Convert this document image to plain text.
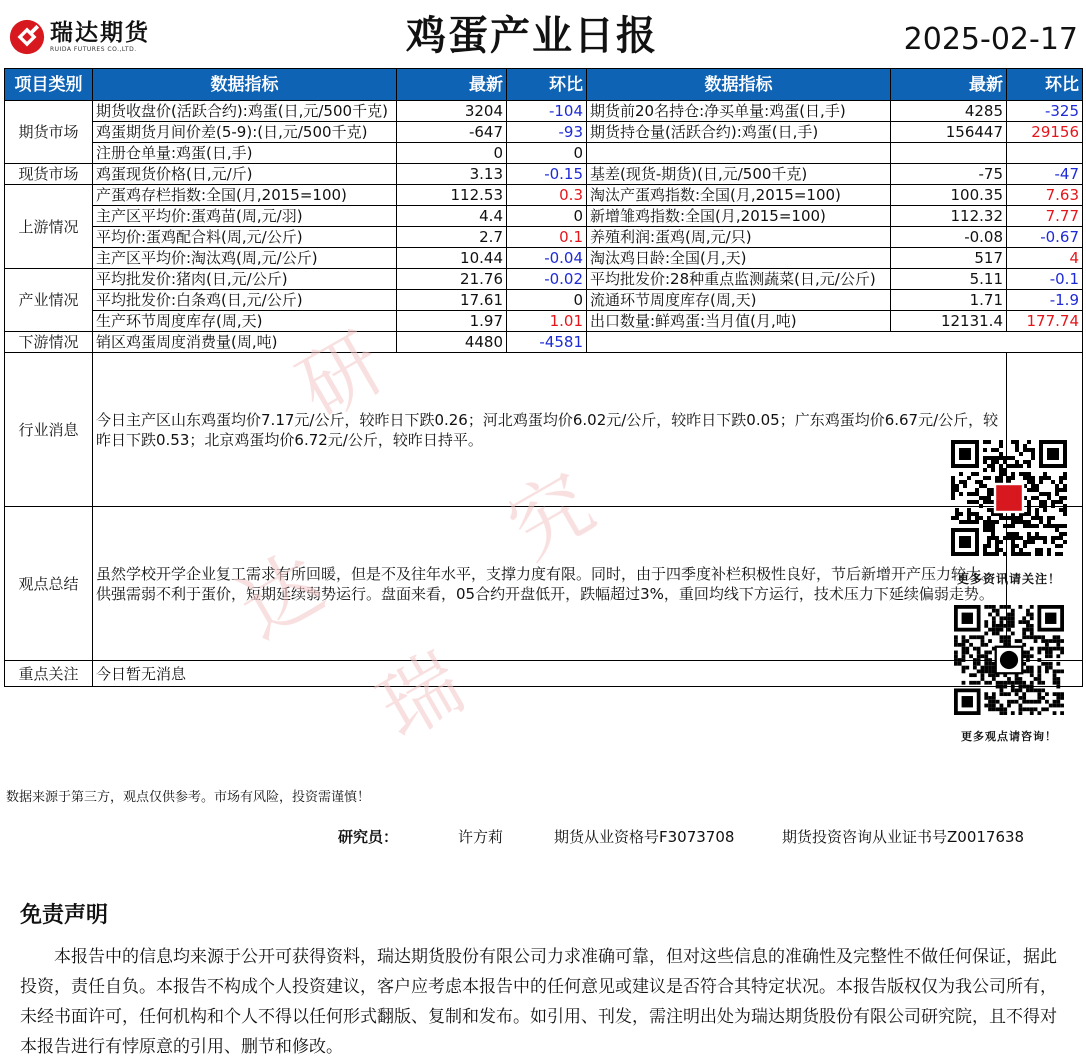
瑞达期货
RUIDA FUTURES CO.,LTD.	鸡蛋产业日报	2025-02-17
项目类别	数据指标	最新	环比	数据指标	最新	环比
期货市场	期货收盘价(活跃合约):鸡蛋(日,元/500千克)	3204	-104	期货前20名持仓:净买单量:鸡蛋(日,手)	4285	-325
	鸡蛋期货月间价差(5-9):(日,元/500千克)	-647	-93	期货持仓量(活跃合约):鸡蛋(日,手)	156447	29156
	注册仓单量:鸡蛋(日,手)	0	0			
现货市场	鸡蛋现货价格(日,元/斤)	3.13	-0.15	基差(现货-期货)(日,元/500千克)	-75	-47
上游情况	产蛋鸡存栏指数:全国(月,2015=100)	112.53	0.3	淘汰产蛋鸡指数:全国(月,2015=100)	100.35	7.63
	主产区平均价:蛋鸡苗(周,元/羽)	4.4	0	新增雏鸡指数:全国(月,2015=100)	112.32	7.77
	平均价:蛋鸡配合料(周,元/公斤)	2.7	0.1	养殖利润:蛋鸡(周,元/只)	-0.08	-0.67
	主产区平均价:淘汰鸡(周,元/公斤)	10.44	-0.04	淘汰鸡日龄:全国(月,天)	517	4
产业情况	平均批发价:猪肉(日,元/公斤)	21.76	-0.02	平均批发价:28种重点监测蔬菜(日,元/公斤)	5.11	-0.1
	平均批发价:白条鸡(日,元/公斤)	17.61	0	流通环节周度库存(周,天)	1.71	-1.9
	生产环节周度库存(周,天)	1.97	1.01	出口数量:鲜鸡蛋:当月值(月,吨)	12131.4	177.74
下游情况	销区鸡蛋周度消费量(周,吨)	4480	-4581			
行业消息	今日主产区山东鸡蛋均价7.17元/公斤，较昨日下跌0.26；河北鸡蛋均价6.02元/公斤，较昨日下跌0.05；广东鸡蛋均价6.67元/公斤，较昨日下跌0.53；北京鸡蛋均价6.72元/公斤，较昨日持平。	

观点总结	虽然学校开学企业复工需求有所回暖，但是不及往年水平，支撑力度有限。同时，由于四季度补栏积极性良好，节后新增开产压力较大。供强需弱不利于蛋价，短期延续弱势运行。盘面来看，05合约开盘低开，跌幅超过3%，重回均线下方运行，技术压力下延续偏弱走势。					
重点关注	今日暂无消息					
更多资讯请关注！
更多观点请咨询！
数据来源于第三方，观点仅供参考。市场有风险，投资需谨慎！
研究员：	许方莉	期货从业资格号F3073708	期货投资咨询从业证书号Z0017638
免责声明
本报告中的信息均来源于公开可获得资料，瑞达期货股份有限公司力求准确可靠，但对这些信息的准确性及完整性不做任何保证，据此投资，责任自负。本报告不构成个人投资建议，客户应考虑本报告中的任何意见或建议是否符合其特定状况。本报告版权仅为我公司所有，未经书面许可，任何机构和个人不得以任何形式翻版、复制和发布。如引用、刊发，需注明出处为瑞达期货股份有限公司研究院，且不得对本报告进行有悖原意的引用、删节和修改。
研
究
达
瑞
